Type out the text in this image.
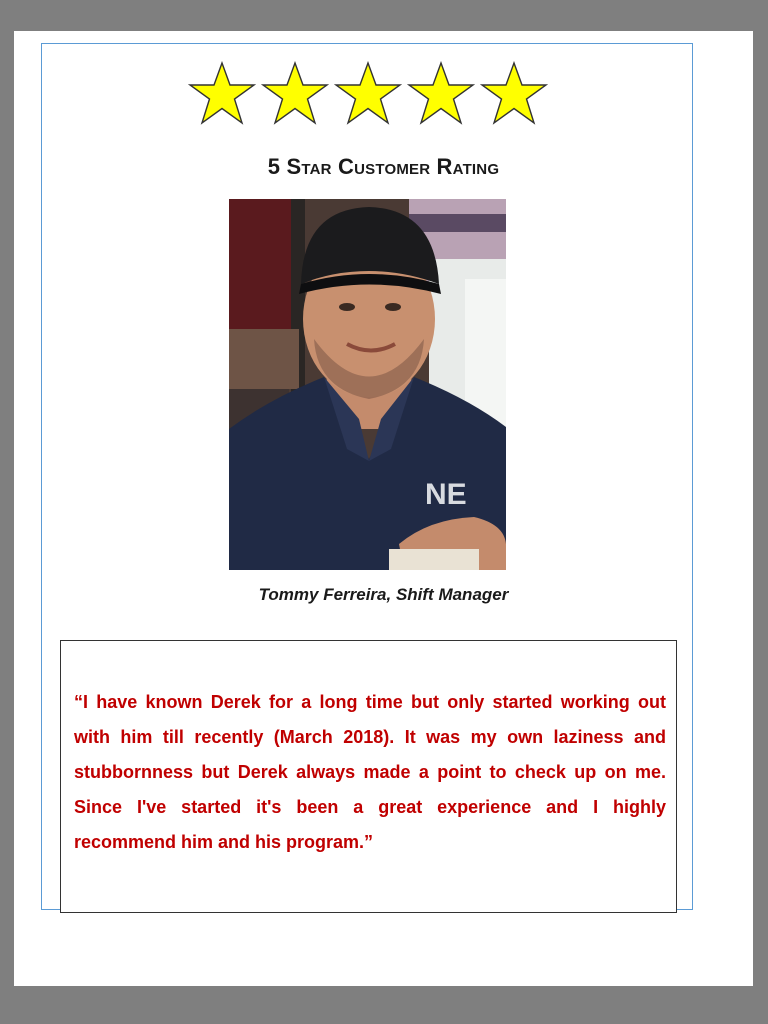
5 Star Customer Rating
NE
Tommy Ferreira, Shift Manager

“I have known Derek for a long time but only started working out with him till recently (March 2018). It was my own laziness and stubbornness but Derek always made a point to check up on me. Since I've started it's been a great experience and I highly recommend him and his program.”
